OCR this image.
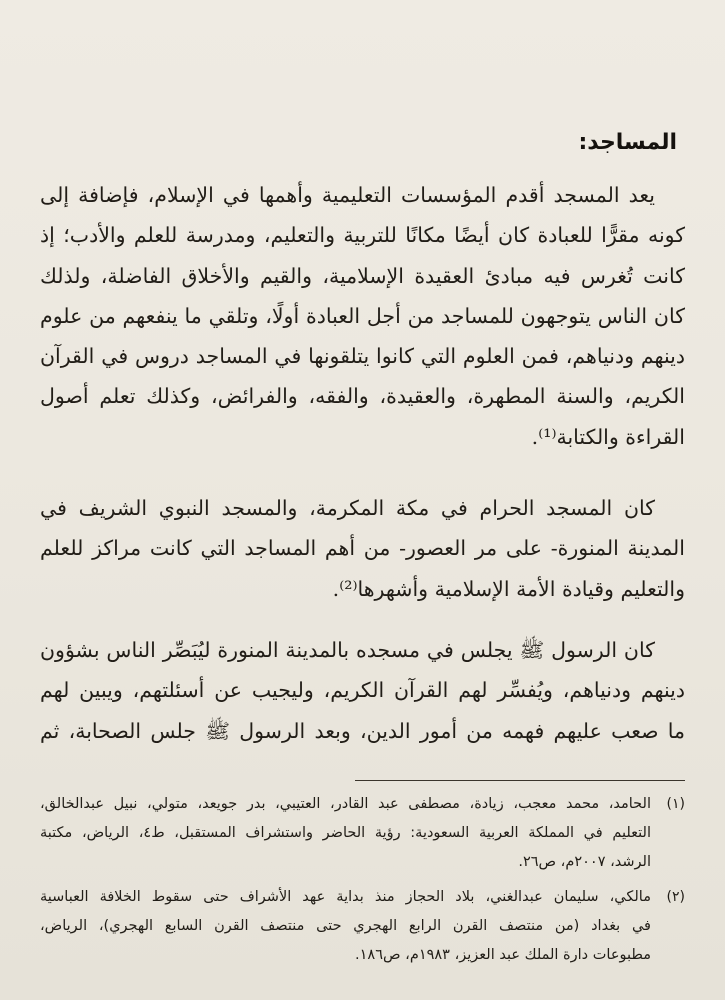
المساجد:
يعد المسجد أقدم المؤسسات التعليمية وأهمها في الإسلام، فإضافة إلى
كونه مقرًّا للعبادة كان أيضًا مكانًا للتربية والتعليم، ومدرسة للعلم والأدب؛ إذ
كانت تُغرس فيه مبادئ العقيدة الإسلامية، والقيم والأخلاق الفاضلة، ولذلك
كان الناس يتوجهون للمساجد من أجل العبادة أولًا، وتلقي ما ينفعهم من علوم
دينهم ودنياهم، فمن العلوم التي كانوا يتلقونها في المساجد دروس في القرآن
الكريم، والسنة المطهرة، والعقيدة، والفقه، والفرائض، وكذلك تعلم أصول
القراءة والكتابة⁽¹⁾.
كان المسجد الحرام في مكة المكرمة، والمسجد النبوي الشريف في
المدينة المنورة- على مر العصور- من أهم المساجد التي كانت مراكز للعلم
والتعليم وقيادة الأمة الإسلامية وأشهرها⁽²⁾.
كان الرسول ﷺ يجلس في مسجده بالمدينة المنورة ليُبَصِّر الناس بشؤون
دينهم ودنياهم، ويُفسِّر لهم القرآن الكريم، وليجيب عن أسئلتهم، ويبين لهم
ما صعب عليهم فهمه من أمور الدين، وبعد الرسول ﷺ جلس الصحابة، ثم
(١)
الحامد، محمد معجب، زيادة، مصطفى عبد القادر، العتيبي، بدر جويعد، متولي، نبيل عبدالخالق،
التعليم في المملكة العربية السعودية: رؤية الحاضر واستشراف المستقبل، ط٤، الرياض، مكتبة
الرشد، ٢٠٠٧م، ص٢٦.
(٢)
مالكي، سليمان عبدالغني، بلاد الحجاز منذ بداية عهد الأشراف حتى سقوط الخلافة العباسية
في بغداد (من منتصف القرن الرابع الهجري حتى منتصف القرن السابع الهجري)، الرياض،
مطبوعات دارة الملك عبد العزيز، ١٩٨٣م، ص١٨٦.
